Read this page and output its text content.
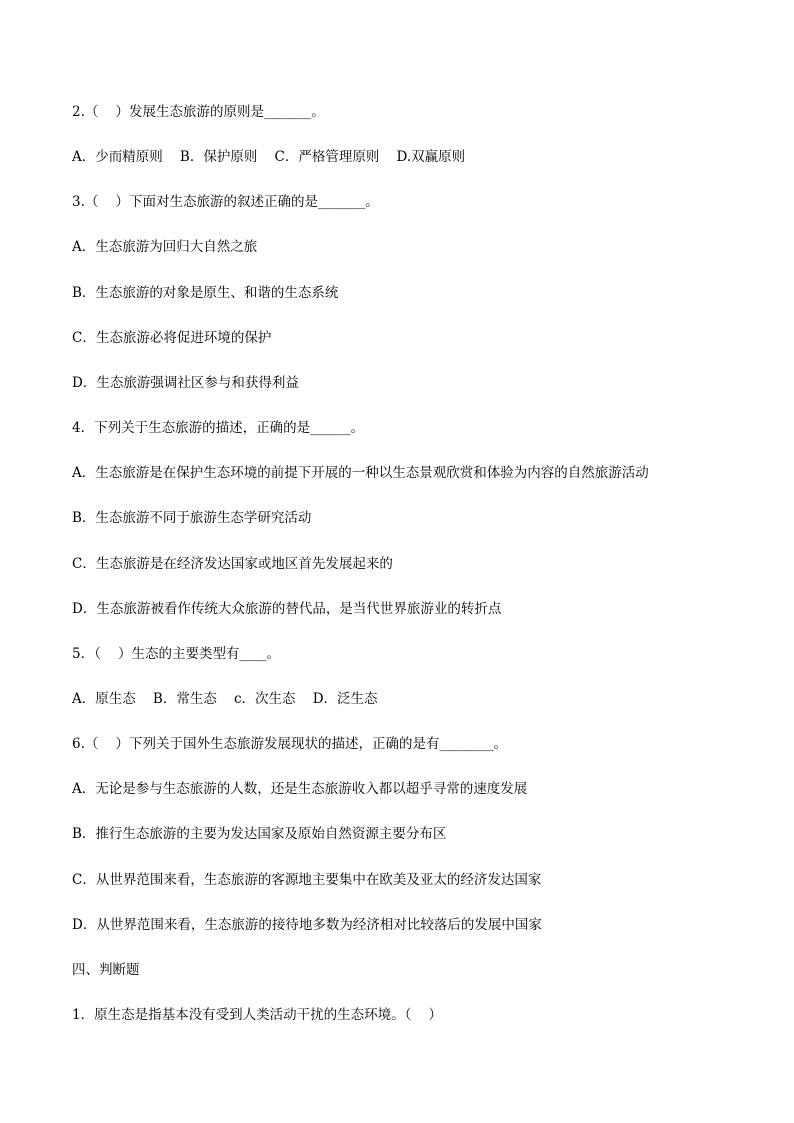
2.（    ）发展生态旅游的原则是_______。
A．少而精原则    B．保护原则    C．严格管理原则    D.双赢原则
3.（    ）下面对生态旅游的叙述正确的是_______。
A．生态旅游为回归大自然之旅
B．生态旅游的对象是原生、和谐的生态系统
C．生态旅游必将促进环境的保护
D．生态旅游强调社区参与和获得利益
4．下列关于生态旅游的描述，正确的是______。
A．生态旅游是在保护生态环境的前提下开展的一种以生态景观欣赏和体验为内容的自然旅游活动
B．生态旅游不同于旅游生态学研究活动
C．生态旅游是在经济发达国家或地区首先发展起来的
D．生态旅游被看作传统大众旅游的替代品，是当代世界旅游业的转折点
5．（    ）生态的主要类型有____。
A．原生态    B．常生态    c．次生态    D．泛生态
6.（    ）下列关于国外生态旅游发展现状的描述，正确的是有________。
A．无论是参与生态旅游的人数，还是生态旅游收入都以超乎寻常的速度发展
B．推行生态旅游的主要为发达国家及原始自然资源主要分布区
C．从世界范围来看，生态旅游的客源地主要集中在欧美及亚太的经济发达国家
D．从世界范围来看，生态旅游的接待地多数为经济相对比较落后的发展中国家
四、判断题
1．原生态是指基本没有受到人类活动干扰的生态环境。（    ）
